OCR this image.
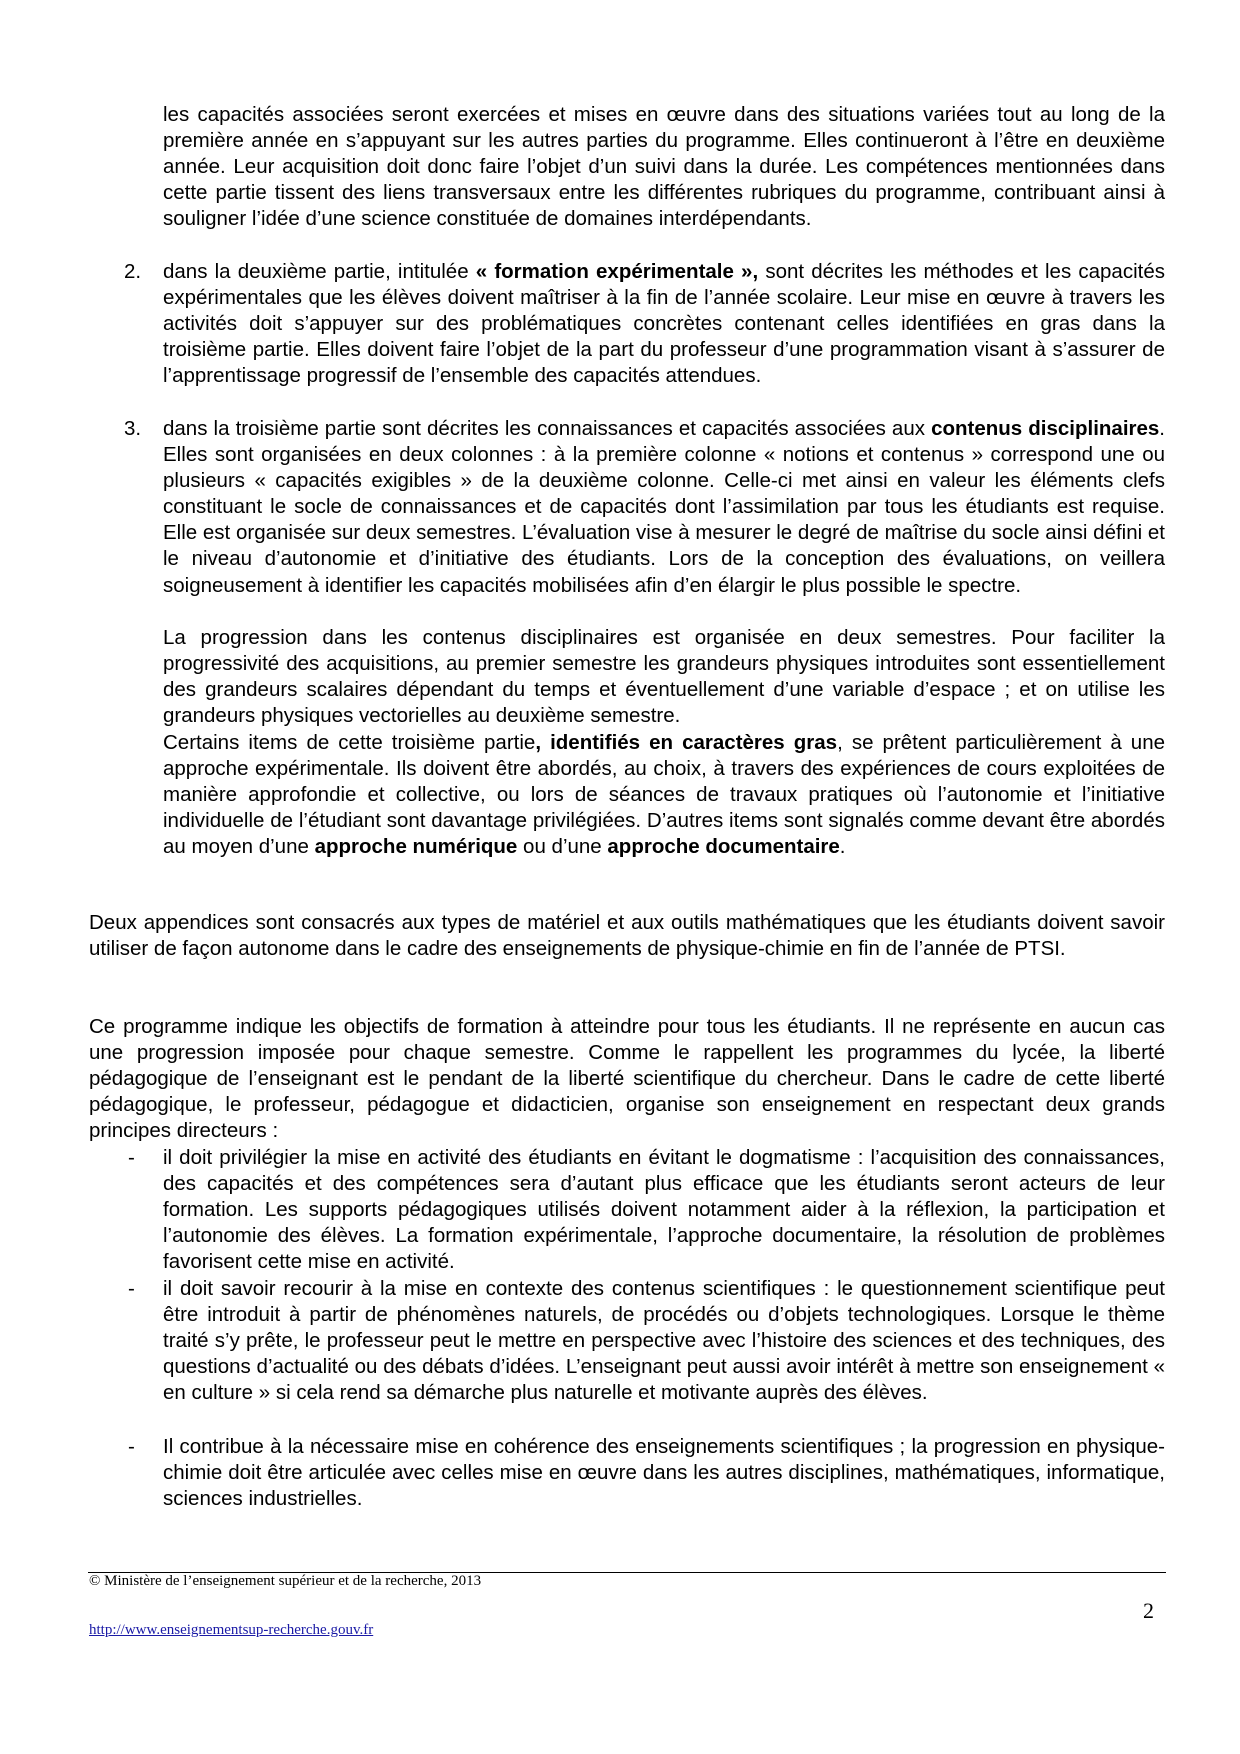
les capacités associées seront exercées et mises en œuvre dans des situations variées tout au long de la première année en s’appuyant sur les autres parties du programme. Elles continueront à l’être en deuxième année. Leur acquisition doit donc faire l’objet d’un suivi dans la durée. Les compétences mentionnées dans cette partie tissent des liens transversaux entre les différentes rubriques du programme, contribuant ainsi à souligner l’idée d’une science constituée de domaines interdépendants.

2. dans la deuxième partie, intitulée « formation expérimentale », sont décrites les méthodes et les capacités expérimentales que les élèves doivent maîtriser à la fin de l’année scolaire. Leur mise en œuvre à travers les activités doit s’appuyer sur des problématiques concrètes contenant celles identifiées en gras dans la troisième partie. Elles doivent faire l’objet de la part du professeur d’une programmation visant à s’assurer de l’apprentissage progressif de l’ensemble des capacités attendues.

3. dans la troisième partie sont décrites les connaissances et capacités associées aux contenus disciplinaires. Elles sont organisées en deux colonnes : à la première colonne « notions et contenus » correspond une ou plusieurs « capacités exigibles » de la deuxième colonne. Celle-ci met ainsi en valeur les éléments clefs constituant le socle de connaissances et de capacités dont l’assimilation par tous les étudiants est requise. Elle est organisée sur deux semestres. L’évaluation vise à mesurer le degré de maîtrise du socle ainsi défini et le niveau d’autonomie et d’initiative des étudiants. Lors de la conception des évaluations, on veillera soigneusement à identifier les capacités mobilisées afin d’en élargir le plus possible le spectre.

La progression dans les contenus disciplinaires est organisée en deux semestres. Pour faciliter la progressivité des acquisitions, au premier semestre les grandeurs physiques introduites sont essentiellement des grandeurs scalaires dépendant du temps et éventuellement d’une variable d’espace ; et on utilise les grandeurs physiques vectorielles au deuxième semestre.

Certains items de cette troisième partie, identifiés en caractères gras, se prêtent particulièrement à une approche expérimentale. Ils doivent être abordés, au choix, à travers des expériences de cours exploitées de manière approfondie et collective, ou lors de séances de travaux pratiques où l’autonomie et l’initiative individuelle de l’étudiant sont davantage privilégiées. D’autres items sont signalés comme devant être abordés au moyen d’une approche numérique ou d’une approche documentaire.

Deux appendices sont consacrés aux types de matériel et aux outils mathématiques que les étudiants doivent savoir utiliser de façon autonome dans le cadre des enseignements de physique-chimie en fin de l’année de PTSI.

Ce programme indique les objectifs de formation à atteindre pour tous les étudiants. Il ne représente en aucun cas une progression imposée pour chaque semestre. Comme le rappellent les programmes du lycée, la liberté pédagogique de l’enseignant est le pendant de la liberté scientifique du chercheur. Dans le cadre de cette liberté pédagogique, le professeur, pédagogue et didacticien, organise son enseignement en respectant deux grands principes directeurs :

- il doit privilégier la mise en activité des étudiants en évitant le dogmatisme : l’acquisition des connaissances, des capacités et des compétences sera d’autant plus efficace que les étudiants seront acteurs de leur formation. Les supports pédagogiques utilisés doivent notamment aider à la réflexion, la participation et l’autonomie des élèves. La formation expérimentale, l’approche documentaire, la résolution de problèmes favorisent cette mise en activité.

- il doit savoir recourir à la mise en contexte des contenus scientifiques : le questionnement scientifique peut être introduit à partir de phénomènes naturels, de procédés ou d’objets technologiques. Lorsque le thème traité s’y prête, le professeur peut le mettre en perspective avec l’histoire des sciences et des techniques, des questions d’actualité ou des débats d’idées. L’enseignant peut aussi avoir intérêt à mettre son enseignement « en culture » si cela rend sa démarche plus naturelle et motivante auprès des élèves.

- Il contribue à la nécessaire mise en cohérence des enseignements scientifiques ; la progression en physique-chimie doit être articulée avec celles mise en œuvre dans les autres disciplines, mathématiques, informatique, sciences industrielles.

© Ministère de l’enseignement supérieur et de la recherche, 2013
2
http://www.enseignementsup-recherche.gouv.fr
